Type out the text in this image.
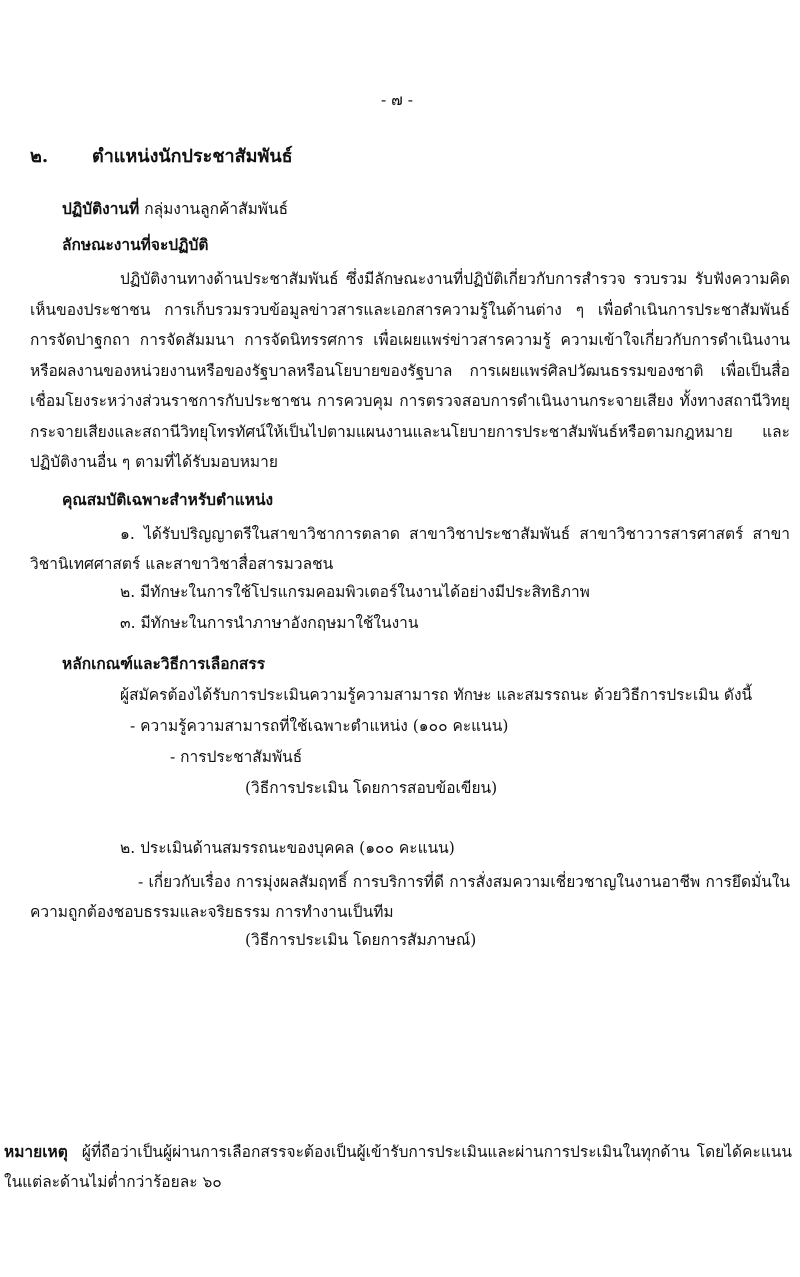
- ๗ -
๒. ตำแหน่งนักประชาสัมพันธ์
ปฏิบัติงานที่ กลุ่มงานลูกค้าสัมพันธ์
ลักษณะงานที่จะปฏิบัติ
ปฏิบัติงานทางด้านประชาสัมพันธ์ ซึ่งมีลักษณะงานที่ปฏิบัติเกี่ยวกับการสำรวจ รวบรวม รับฟังความคิดเห็นของประชาชน การเก็บรวมรวบข้อมูลข่าวสารและเอกสารความรู้ในด้านต่าง ๆ เพื่อดำเนินการประชาสัมพันธ์ การจัดปาฐกถา การจัดสัมมนา การจัดนิทรรศการ เพื่อเผยแพร่ข่าวสารความรู้ ความเข้าใจเกี่ยวกับการดำเนินงานหรือผลงานของหน่วยงานหรือของรัฐบาลหรือนโยบายของรัฐบาล การเผยแพร่ศิลปวัฒนธรรมของชาติ เพื่อเป็นสื่อเชื่อมโยงระหว่างส่วนราชการกับประชาชน การควบคุม การตรวจสอบการดำเนินงานกระจายเสียง ทั้งทางสถานีวิทยุกระจายเสียงและสถานีวิทยุโทรทัศน์ให้เป็นไปตามแผนงานและนโยบายการประชาสัมพันธ์หรือตามกฎหมาย และปฏิบัติงานอื่น ๆ ตามที่ได้รับมอบหมาย
คุณสมบัติเฉพาะสำหรับตำแหน่ง
๑. ได้รับปริญญาตรีในสาขาวิชาการตลาด สาขาวิชาประชาสัมพันธ์ สาขาวิชาวารสารศาสตร์ สาขาวิชานิเทศศาสตร์ และสาขาวิชาสื่อสารมวลชน
๒. มีทักษะในการใช้โปรแกรมคอมพิวเตอร์ในงานได้อย่างมีประสิทธิภาพ
๓. มีทักษะในการนำภาษาอังกฤษมาใช้ในงาน
หลักเกณฑ์และวิธีการเลือกสรร
ผู้สมัครต้องได้รับการประเมินความรู้ความสามารถ ทักษะ และสมรรถนะ ด้วยวิธีการประเมิน ดังนี้
- ความรู้ความสามารถที่ใช้เฉพาะตำแหน่ง (๑๐๐ คะแนน)
- การประชาสัมพันธ์
(วิธีการประเมิน โดยการสอบข้อเขียน)
๒. ประเมินด้านสมรรถนะของบุคคล (๑๐๐ คะแนน)
- เกี่ยวกับเรื่อง การมุ่งผลสัมฤทธิ์ การบริการที่ดี การสั่งสมความเชี่ยวชาญในงานอาชีพ การยึดมั่นในความถูกต้องชอบธรรมและจริยธรรม การทำงานเป็นทีม
(วิธีการประเมิน โดยการสัมภาษณ์)
หมายเหตุ ผู้ที่ถือว่าเป็นผู้ผ่านการเลือกสรรจะต้องเป็นผู้เข้ารับการประเมินและผ่านการประเมินในทุกด้าน โดยได้คะแนนในแต่ละด้านไม่ต่ำกว่าร้อยละ ๖๐
